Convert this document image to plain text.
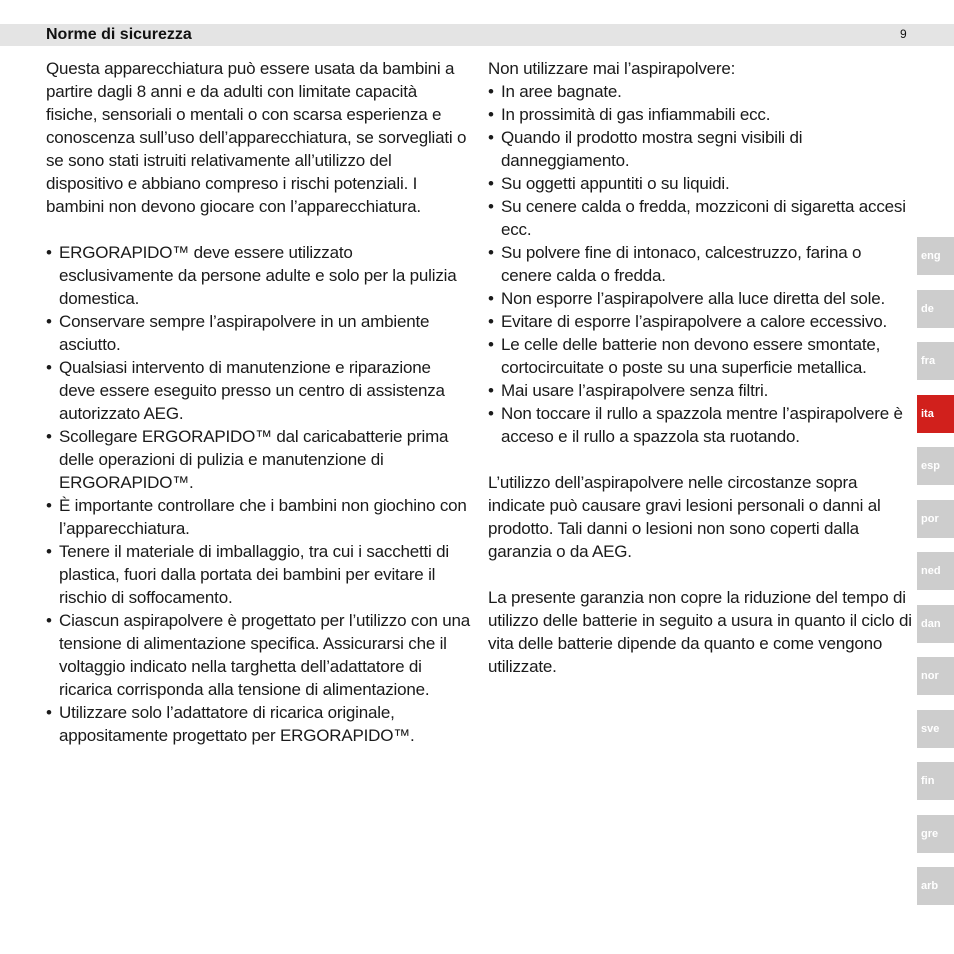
Norme di sicurezza	9

Questa apparecchiatura può essere usata da bambini a partire dagli 8 anni e da adulti con limitate capacità fisiche, sensoriali o mentali o con scarsa esperienza e conoscenza sull’uso dell’apparecchiatura, se sorvegliati o se sono stati istruiti relativamente all’utilizzo del dispositivo e abbiano compreso i rischi potenziali. I bambini non devono giocare con l’apparecchiatura.

• ERGORAPIDO™ deve essere utilizzato esclusivamente da persone adulte e solo per la pulizia domestica.
• Conservare sempre l’aspirapolvere in un ambiente asciutto.
• Qualsiasi intervento di manutenzione e riparazione deve essere eseguito presso un centro di assistenza autorizzato AEG.
• Scollegare ERGORAPIDO™ dal caricabatterie prima delle operazioni di pulizia e manutenzione di ERGORAPIDO™.
• È importante controllare che i bambini non giochino con l’apparecchiatura.
• Tenere il materiale di imballaggio, tra cui i sacchetti di plastica, fuori dalla portata dei bambini per evitare il rischio di soffocamento.
• Ciascun aspirapolvere è progettato per l’utilizzo con una tensione di alimentazione specifica. Assicurarsi che il voltaggio indicato nella targhetta dell’adattatore di ricarica corrisponda alla tensione di alimentazione.
• Utilizzare solo l’adattatore di ricarica originale, appositamente progettato per ERGORAPIDO™.

Non utilizzare mai l’aspirapolvere:

• In aree bagnate.
• In prossimità di gas infiammabili ecc.
• Quando il prodotto mostra segni visibili di danneggiamento.
• Su oggetti appuntiti o su liquidi.
• Su cenere calda o fredda, mozziconi di sigaretta accesi ecc.
• Su polvere fine di intonaco, calcestruzzo, farina o cenere calda o fredda.
• Non esporre l’aspirapolvere alla luce diretta del sole.
• Evitare di esporre l’aspirapolvere a calore eccessivo.
• Le celle delle batterie non devono essere smontate, cortocircuitate o poste su una superficie metallica.
• Mai usare l’aspirapolvere senza filtri.
• Non toccare il rullo a spazzola mentre l’aspirapolvere è acceso e il rullo a spazzola sta ruotando.

L’utilizzo dell’aspirapolvere nelle circostanze sopra indicate può causare gravi lesioni personali o danni al prodotto. Tali danni o lesioni non sono coperti dalla garanzia o da AEG.

La presente garanzia non copre la riduzione del tempo di utilizzo delle batterie in seguito a usura in quanto il ciclo di vita delle batterie dipende da quanto e come vengono utilizzate.

eng
de
fra
ita
esp
por
ned
dan
nor
sve
fin
gre
arb
